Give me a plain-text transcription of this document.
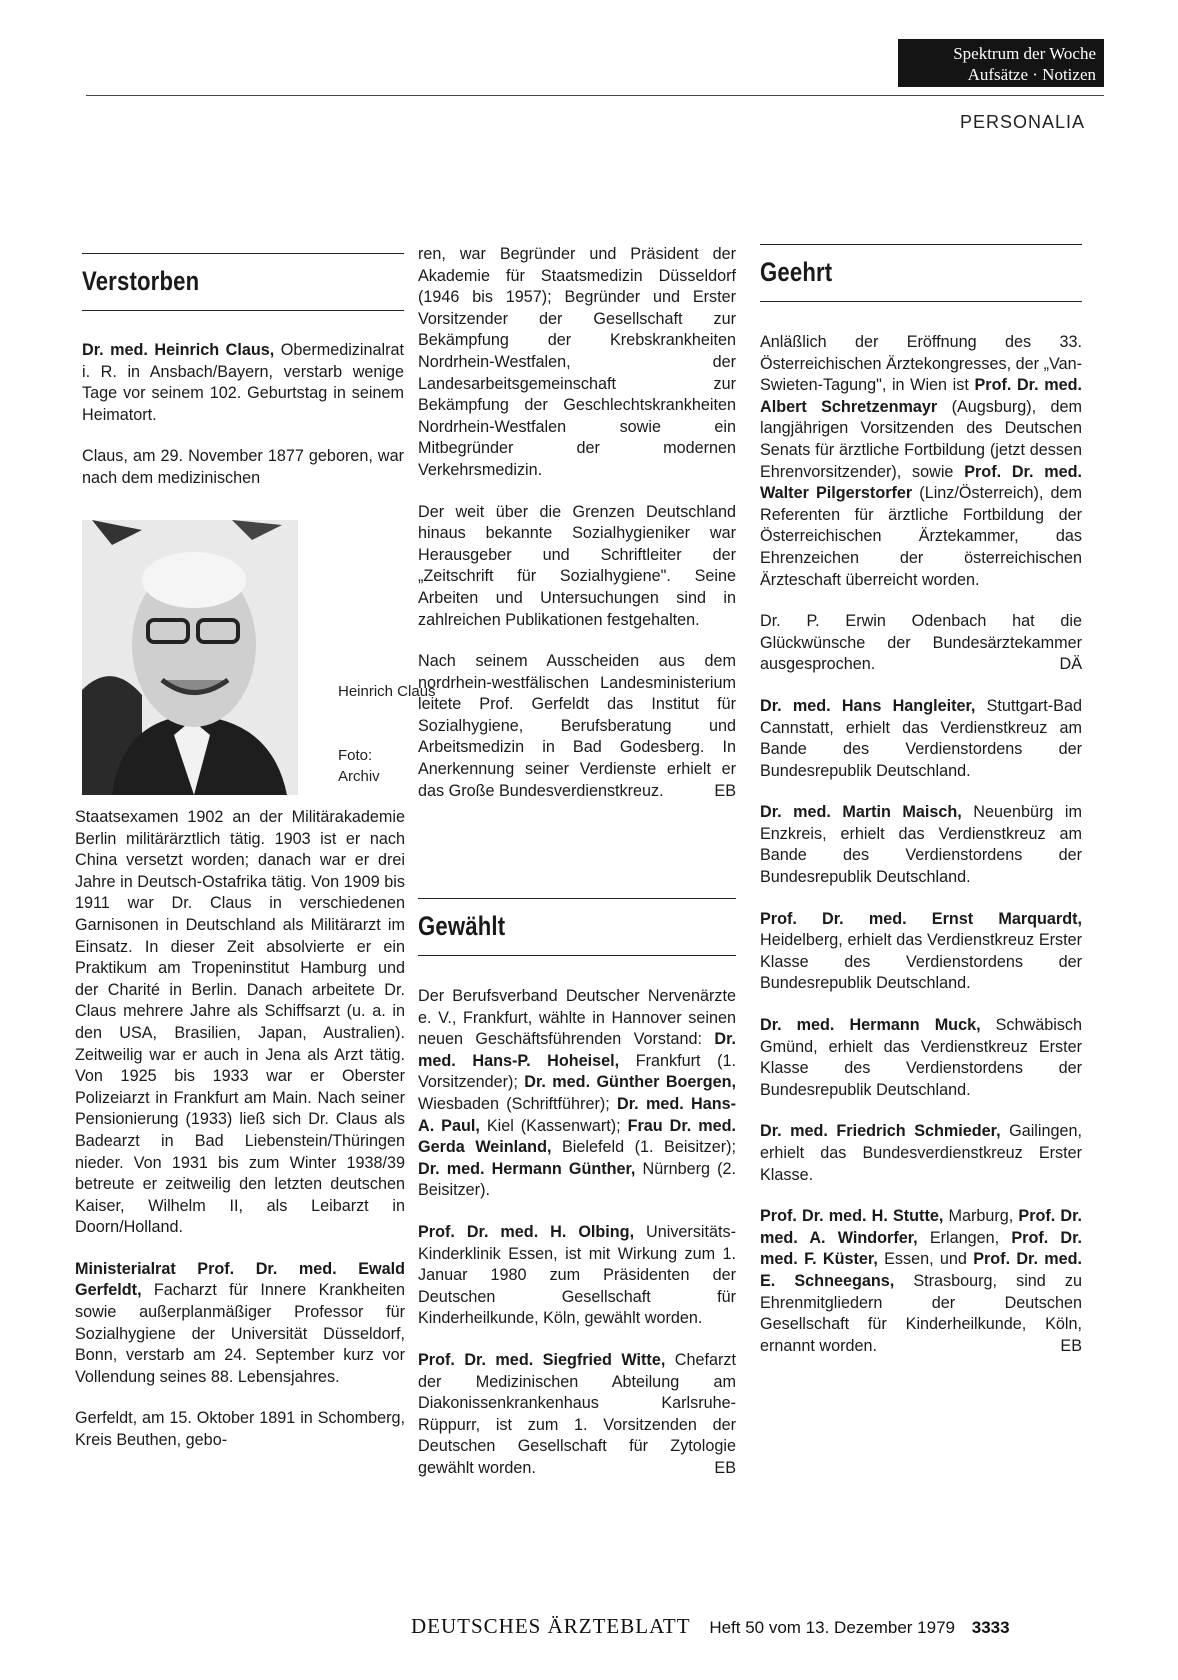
Spektrum der Woche
Aufsätze · Notizen
PERSONALIA
Verstorben

Dr. med. Heinrich Claus, Obermedizinalrat i. R. in Ansbach/Bayern, verstarb wenige Tage vor seinem 102. Geburtstag in seinem Heimatort.

Claus, am 29. November 1877 geboren, war nach dem medizinischen

Heinrich Claus
Foto: Archiv

Staatsexamen 1902 an der Militärakademie Berlin militärärztlich tätig. 1903 ist er nach China versetzt worden; danach war er drei Jahre in Deutsch-Ostafrika tätig. Von 1909 bis 1911 war Dr. Claus in verschiedenen Garnisonen in Deutschland als Militärarzt im Einsatz. In dieser Zeit absolvierte er ein Praktikum am Tropeninstitut Hamburg und der Charité in Berlin. Danach arbeitete Dr. Claus mehrere Jahre als Schiffsarzt (u. a. in den USA, Brasilien, Japan, Australien). Zeitweilig war er auch in Jena als Arzt tätig. Von 1925 bis 1933 war er Oberster Polizeiarzt in Frankfurt am Main. Nach seiner Pensionierung (1933) ließ sich Dr. Claus als Badearzt in Bad Liebenstein/Thüringen nieder. Von 1931 bis zum Winter 1938/39 betreute er zeitweilig den letzten deutschen Kaiser, Wilhelm II, als Leibarzt in Doorn/Holland.

Ministerialrat Prof. Dr. med. Ewald Gerfeldt, Facharzt für Innere Krankheiten sowie außerplanmäßiger Professor für Sozialhygiene der Universität Düsseldorf, Bonn, verstarb am 24. September kurz vor Vollendung seines 88. Lebensjahres.

Gerfeldt, am 15. Oktober 1891 in Schomberg, Kreis Beuthen, gebo-

ren, war Begründer und Präsident der Akademie für Staatsmedizin Düsseldorf (1946 bis 1957); Begründer und Erster Vorsitzender der Gesellschaft zur Bekämpfung der Krebskrankheiten Nordrhein-Westfalen, der Landesarbeitsgemeinschaft zur Bekämpfung der Geschlechtskrankheiten Nordrhein-Westfalen sowie ein Mitbegründer der modernen Verkehrsmedizin.

Der weit über die Grenzen Deutschland hinaus bekannte Sozialhygieniker war Herausgeber und Schriftleiter der „Zeitschrift für Sozialhygiene". Seine Arbeiten und Untersuchungen sind in zahlreichen Publikationen festgehalten.

Nach seinem Ausscheiden aus dem nordrhein-westfälischen Landesministerium leitete Prof. Gerfeldt das Institut für Sozialhygiene, Berufsberatung und Arbeitsmedizin in Bad Godesberg. In Anerkennung seiner Verdienste erhielt er das Große Bundesverdienstkreuz.	EB

Gewählt

Der Berufsverband Deutscher Nervenärzte e. V., Frankfurt, wählte in Hannover seinen neuen Geschäftsführenden Vorstand: Dr. med. Hans-P. Hoheisel, Frankfurt (1. Vorsitzender); Dr. med. Günther Boergen, Wiesbaden (Schriftführer); Dr. med. Hans-A. Paul, Kiel (Kassenwart); Frau Dr. med. Gerda Weinland, Bielefeld (1. Beisitzer); Dr. med. Hermann Günther, Nürnberg (2. Beisitzer).

Prof. Dr. med. H. Olbing, Universitäts-Kinderklinik Essen, ist mit Wirkung zum 1. Januar 1980 zum Präsidenten der Deutschen Gesellschaft für Kinderheilkunde, Köln, gewählt worden.

Prof. Dr. med. Siegfried Witte, Chefarzt der Medizinischen Abteilung am Diakonissenkrankenhaus Karlsruhe-Rüppurr, ist zum 1. Vorsitzenden der Deutschen Gesellschaft für Zytologie gewählt worden.	EB

Geehrt

Anläßlich der Eröffnung des 33. Österreichischen Ärztekongresses, der „Van-Swieten-Tagung", in Wien ist Prof. Dr. med. Albert Schretzenmayr (Augsburg), dem langjährigen Vorsitzenden des Deutschen Senats für ärztliche Fortbildung (jetzt dessen Ehrenvorsitzender), sowie Prof. Dr. med. Walter Pilgerstorfer (Linz/Österreich), dem Referenten für ärztliche Fortbildung der Österreichischen Ärztekammer, das Ehrenzeichen der österreichischen Ärzteschaft überreicht worden.

Dr. P. Erwin Odenbach hat die Glückwünsche der Bundesärztekammer ausgesprochen.	DÄ

Dr. med. Hans Hangleiter, Stuttgart-Bad Cannstatt, erhielt das Verdienstkreuz am Bande des Verdienstordens der Bundesrepublik Deutschland.

Dr. med. Martin Maisch, Neuenbürg im Enzkreis, erhielt das Verdienstkreuz am Bande des Verdienstordens der Bundesrepublik Deutschland.

Prof. Dr. med. Ernst Marquardt, Heidelberg, erhielt das Verdienstkreuz Erster Klasse des Verdienstordens der Bundesrepublik Deutschland.

Dr. med. Hermann Muck, Schwäbisch Gmünd, erhielt das Verdienstkreuz Erster Klasse des Verdienstordens der Bundesrepublik Deutschland.

Dr. med. Friedrich Schmieder, Gailingen, erhielt das Bundesverdienstkreuz Erster Klasse.

Prof. Dr. med. H. Stutte, Marburg, Prof. Dr. med. A. Windorfer, Erlangen, Prof. Dr. med. F. Küster, Essen, und Prof. Dr. med. E. Schneegans, Strasbourg, sind zu Ehrenmitgliedern der Deutschen Gesellschaft für Kinderheilkunde, Köln, ernannt worden.	EB

DEUTSCHES ÄRZTEBLATT Heft 50 vom 13. Dezember 1979 3333
